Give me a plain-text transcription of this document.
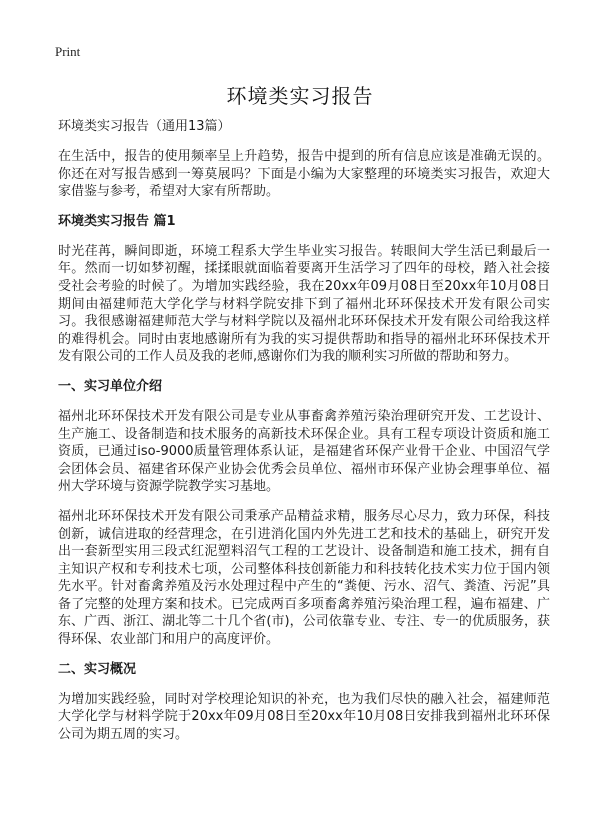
Print
环境类实习报告
环境类实习报告（通用13篇）

在生活中，报告的使用频率呈上升趋势，报告中提到的所有信息应该是准确无误的。你还在对写报告感到一筹莫展吗？下面是小编为大家整理的环境类实习报告，欢迎大家借鉴与参考，希望对大家有所帮助。

环境类实习报告 篇1

时光荏苒，瞬间即逝，环境工程系大学生毕业实习报告。转眼间大学生活已剩最后一年。然而一切如梦初醒，揉揉眼就面临着要离开生活学习了四年的母校，踏入社会接受社会考验的时候了。为增加实践经验，我在20xx年09月08日至20xx年10月08日期间由福建师范大学化学与材料学院安排下到了福州北环环保技术开发有限公司实习。我很感谢福建师范大学与材料学院以及福州北环环保技术开发有限公司给我这样的难得机会。同时由衷地感谢所有为我的实习提供帮助和指导的福州北环环保技术开发有限公司的工作人员及我的老师,感谢你们为我的顺利实习所做的帮助和努力。

一、实习单位介绍

福州北环环保技术开发有限公司是专业从事畜禽养殖污染治理研究开发、工艺设计、生产施工、设备制造和技术服务的高新技术环保企业。具有工程专项设计资质和施工资质，已通过iso-9000质量管理体系认证，是福建省环保产业骨干企业、中国沼气学会团体会员、福建省环保产业协会优秀会员单位、福州市环保产业协会理事单位、福州大学环境与资源学院教学实习基地。

福州北环环保技术开发有限公司秉承产品精益求精，服务尽心尽力，致力环保，科技创新，诚信进取的经营理念，在引进消化国内外先进工艺和技术的基础上，研究开发出一套新型实用三段式红泥塑料沼气工程的工艺设计、设备制造和施工技术，拥有自主知识产权和专利技术七项，公司整体科技创新能力和科技转化技术实力位于国内领先水平。针对畜禽养殖及污水处理过程中产生的“粪便、污水、沼气、粪渣、污泥”具备了完整的处理方案和技术。已完成两百多项畜禽养殖污染治理工程，遍布福建、广东、广西、浙江、湖北等二十几个省(市)，公司依靠专业、专注、专一的优质服务，获得环保、农业部门和用户的高度评价。

二、实习概况

为增加实践经验，同时对学校理论知识的补充，也为我们尽快的融入社会，福建师范大学化学与材料学院于20xx年09月08日至20xx年10月08日安排我到福州北环环保公司为期五周的实习。
